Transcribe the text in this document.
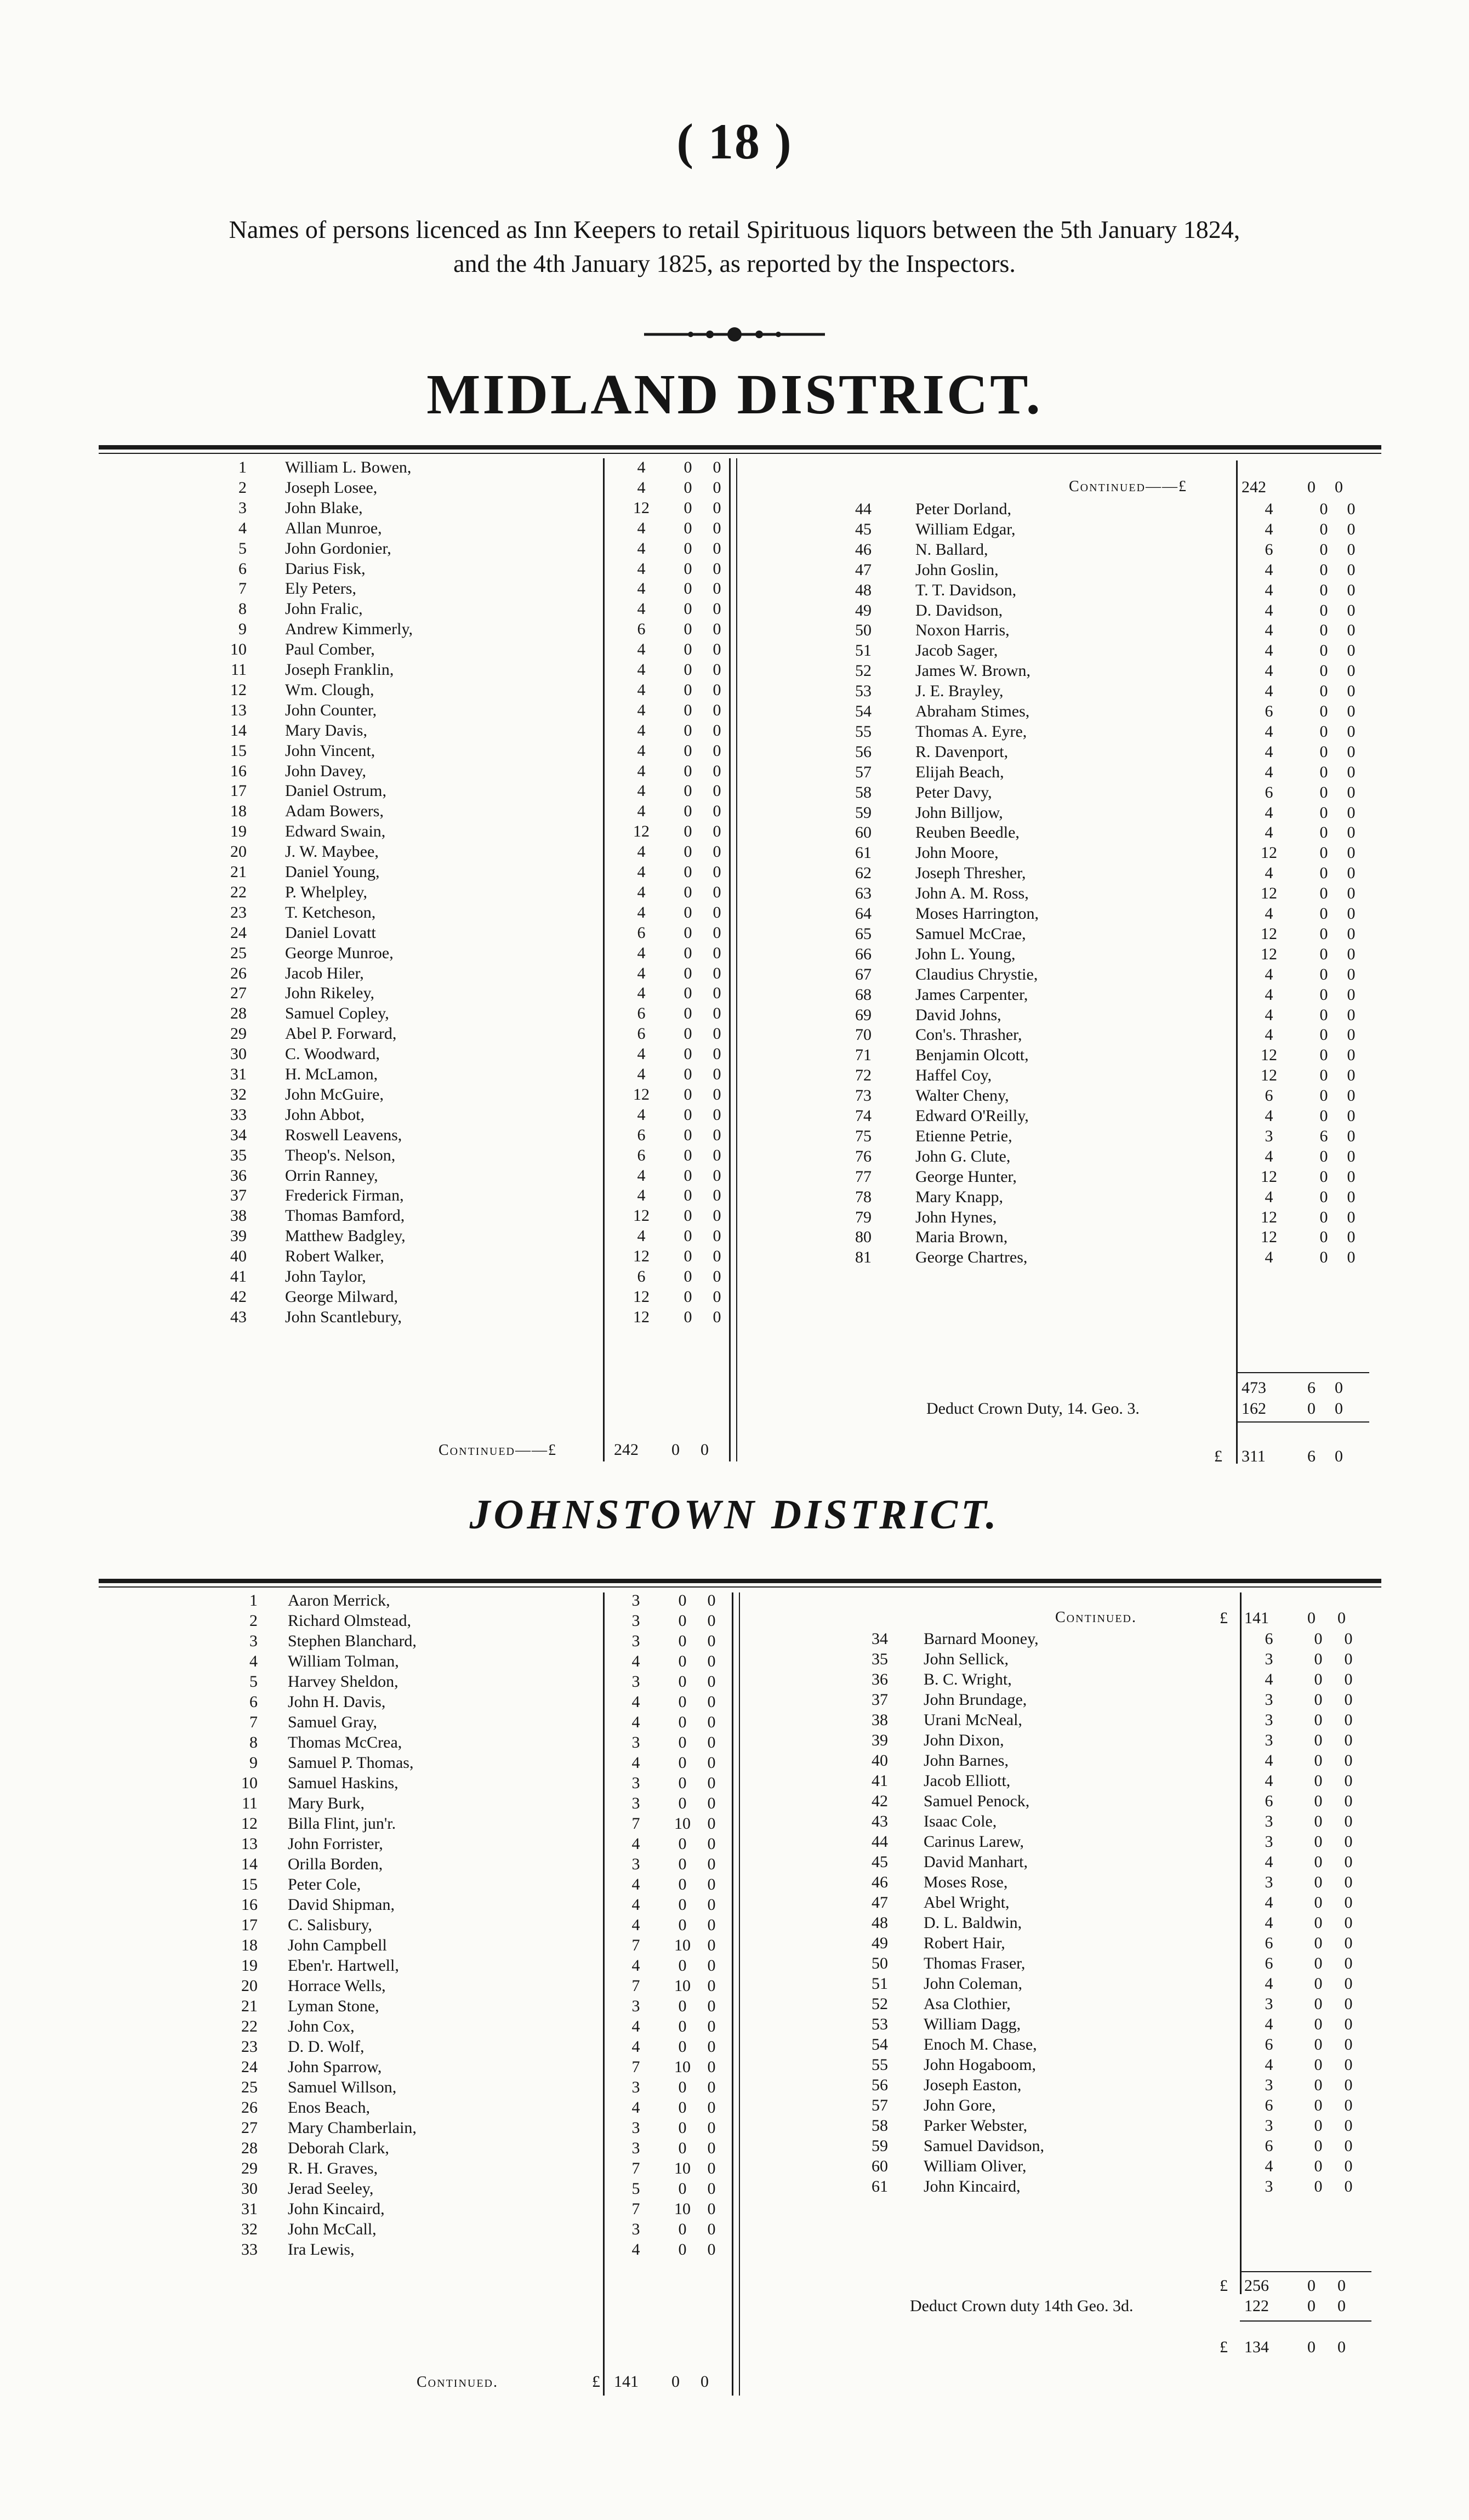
( 18 )
Names of persons licenced as Inn Keepers to retail Spirituous liquors between the 5th January 1824,
and the 4th January 1825, as reported by the Inspectors.
MIDLAND DISTRICT.
1 William L. Bowen,	4	0	0
2 Joseph Losee,	4	0	0
3 John Blake,	12	0	0
4 Allan Munroe,	4	0	0
5 John Gordonier,	4	0	0
6 Darius Fisk,	4	0	0
7 Ely Peters,	4	0	0
8 John Fralic,	4	0	0
9 Andrew Kimmerly,	6	0	0
10 Paul Comber,	4	0	0
11 Joseph Franklin,	4	0	0
12 Wm. Clough,	4	0	0
13 John Counter,	4	0	0
14 Mary Davis,	4	0	0
15 John Vincent,	4	0	0
16 John Davey,	4	0	0
17 Daniel Ostrum,	4	0	0
18 Adam Bowers,	4	0	0
19 Edward Swain,	12	0	0
20 J. W. Maybee,	4	0	0
21 Daniel Young,	4	0	0
22 P. Whelpley,	4	0	0
23 T. Ketcheson,	4	0	0
24 Daniel Lovatt	6	0	0
25 George Munroe,	4	0	0
26 Jacob Hiler,	4	0	0
27 John Rikeley,	4	0	0
28 Samuel Copley,	6	0	0
29 Abel P. Forward,	6	0	0
30 C. Woodward,	4	0	0
31 H. McLamon,	4	0	0
32 John McGuire,	12	0	0
33 John Abbot,	4	0	0
34 Roswell Leavens,	6	0	0
35 Theop's. Nelson,	6	0	0
36 Orrin Ranney,	4	0	0
37 Frederick Firman,	4	0	0
38 Thomas Bamford,	12	0	0
39 Matthew Badgley,	4	0	0
40 Robert Walker,	12	0	0
41 John Taylor,	6	0	0
42 George Milward,	12	0	0
43 John Scantlebury,	12	0	0
44	Peter Dorland,	4	0	0
45	William Edgar,	4	0	0
46	N. Ballard,	6	0	0
47	John Goslin,	4	0	0
48	T. T. Davidson,	4	0	0
49	D. Davidson,	4	0	0
50	Noxon Harris,	4	0	0
51	Jacob Sager,	4	0	0
52	James W. Brown,	4	0	0
53	J. E. Brayley,	4	0	0
54	Abraham Stimes,	6	0	0
55	Thomas A. Eyre,	4	0	0
56	R. Davenport,	4	0	0
57	Elijah Beach,	4	0	0
58	Peter Davy,	6	0	0
59	John Billjow,	4	0	0
60	Reuben Beedle,	4	0	0
61	John Moore,	12	0	0
62	Joseph Thresher,	4	0	0
63	John A. M. Ross,	12	0	0
64	Moses Harrington,	4	0	0
65	Samuel McCrae,	12	0	0
66	John L. Young,	12	0	0
67	Claudius Chrystie,	4	0	0
68	James Carpenter,	4	0	0
69	David Johns,	4	0	0
70	Con's. Thrasher,	4	0	0
71	Benjamin Olcott,	12	0	0
72	Haffel Coy,	12	0	0
73	Walter Cheny,	6	0	0
74	Edward O'Reilly,	4	0	0
75	Etienne Petrie,	3	6	0
76	John G. Clute,	4	0	0
77	George Hunter,	12	0	0
78	Mary Knapp,	4	0	0
79	John Hynes,	12	0	0
80	Maria Brown,	12	0	0
81	George Chartres,	4	0	0
Continued——£	242 0 0
Continued——£	242	0 0
473	6 0
Deduct Crown Duty, 14. Geo. 3.	162	0 0
£ 311	6 0
JOHNSTOWN DISTRICT.
1 Aaron Merrick,	3	0	0
2 Richard Olmstead,	3	0	0
3 Stephen Blanchard,	3	0	0
4 William Tolman,	4	0	0
5 Harvey Sheldon,	3	0	0
6 John H. Davis,	4	0	0
7 Samuel Gray,	4	0	0
8 Thomas McCrea,	3	0	0
9 Samuel P. Thomas,	4	0	0
10 Samuel Haskins,	3	0	0
11 Mary Burk,	3	0	0
12 Billa Flint, jun'r.	7	10	0
13 John Forrister,	4	0	0
14 Orilla Borden,	3	0	0
15 Peter Cole,	4	0	0
16 David Shipman,	4	0	0
17 C. Salisbury,	4	0	0
18 John Campbell	7	10	0
19 Eben'r. Hartwell,	4	0	0
20 Horrace Wells,	7	10	0
21 Lyman Stone,	3	0	0
22 John Cox,	4	0	0
23 D. D. Wolf,	4	0	0
24 John Sparrow,	7	10	0
25 Samuel Willson,	3	0	0
26 Enos Beach,	4	0	0
27 Mary Chamberlain,	3	0	0
28 Deborah Clark,	3	0	0
29 R. H. Graves,	7	10	0
30 Jerad Seeley,	5	0	0
31 John Kincaird,	7	10	0
32 John McCall,	3	0	0
33 Ira Lewis,	4	0	0
34 Barnard Mooney,	6	0	0
35 John Sellick,	3	0	0
36 B. C. Wright,	4	0	0
37 John Brundage,	3	0	0
38 Urani McNeal,	3	0	0
39 John Dixon,	3	0	0
40 John Barnes,	4	0	0
41 Jacob Elliott,	4	0	0
42 Samuel Penock,	6	0	0
43 Isaac Cole,	3	0	0
44 Carinus Larew,	3	0	0
45 David Manhart,	4	0	0
46 Moses Rose,	3	0	0
47 Abel Wright,	4	0	0
48 D. L. Baldwin,	4	0	0
49 Robert Hair,	6	0	0
50 Thomas Fraser,	6	0	0
51 John Coleman,	4	0	0
52 Asa Clothier,	3	0	0
53 William Dagg,	4	0	0
54 Enoch M. Chase,	6	0	0
55 John Hogaboom,	4	0	0
56 Joseph Easton,	3	0	0
57 John Gore,	6	0	0
58 Parker Webster,	3	0	0
59 Samuel Davidson,	6	0	0
60 William Oliver,	4	0	0
61 John Kincaird,	3	0	0
Continued.	£ 141 0 0
Continued.	£ 141 0 0
£ 256 0 0
Deduct Crown duty 14th Geo. 3d.	122 0 0
£ 134 0 0
